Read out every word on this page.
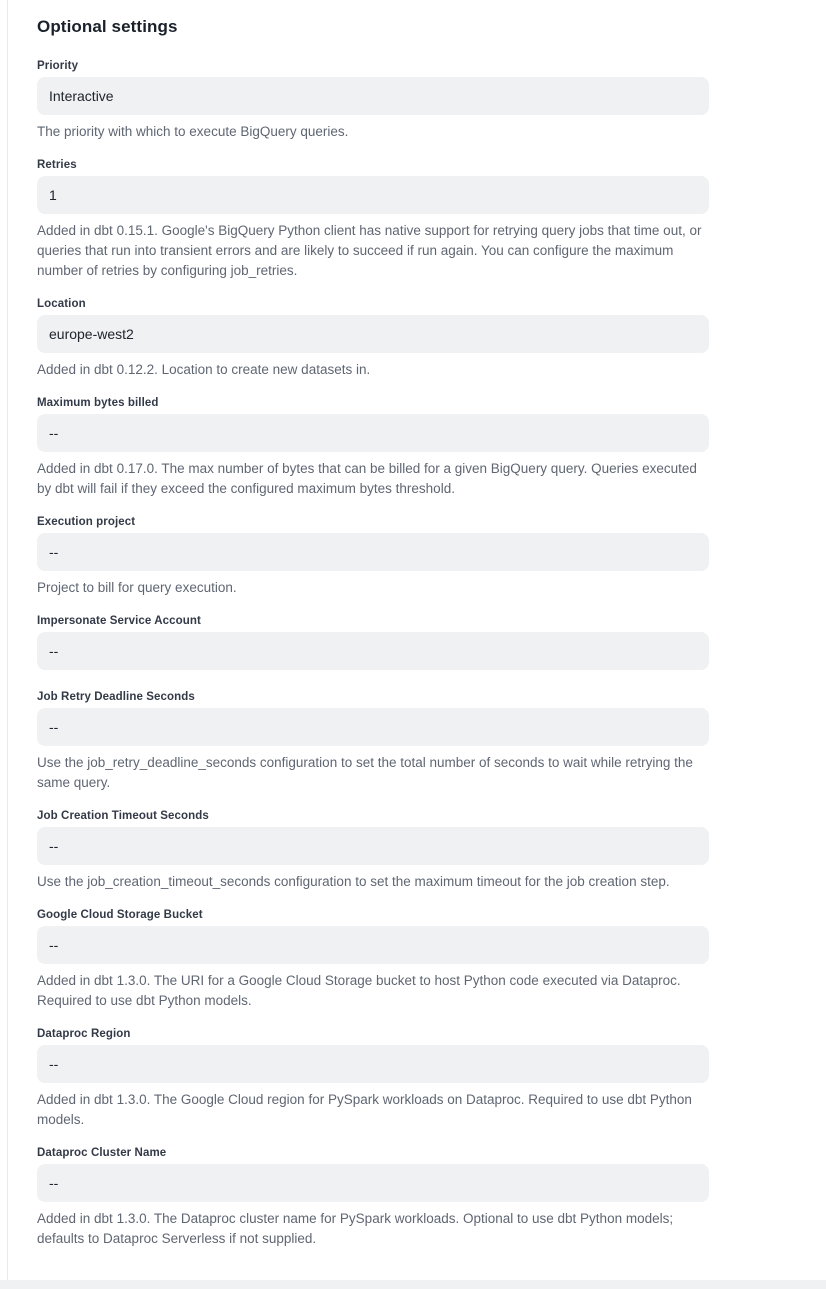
Optional settings
Priority
Interactive
The priority with which to execute BigQuery queries.
Retries
1
Added in dbt 0.15.1. Google's BigQuery Python client has native support for retrying query jobs that time out, or queries that run into transient errors and are likely to succeed if run again. You can configure the maximum number of retries by configuring job_retries.
Location
europe-west2
Added in dbt 0.12.2. Location to create new datasets in.
Maximum bytes billed
--
Added in dbt 0.17.0. The max number of bytes that can be billed for a given BigQuery query. Queries executed by dbt will fail if they exceed the configured maximum bytes threshold.
Execution project
--
Project to bill for query execution.
Impersonate Service Account
--
Job Retry Deadline Seconds
--
Use the job_retry_deadline_seconds configuration to set the total number of seconds to wait while retrying the same query.
Job Creation Timeout Seconds
--
Use the job_creation_timeout_seconds configuration to set the maximum timeout for the job creation step.
Google Cloud Storage Bucket
--
Added in dbt 1.3.0. The URI for a Google Cloud Storage bucket to host Python code executed via Dataproc. Required to use dbt Python models.
Dataproc Region
--
Added in dbt 1.3.0. The Google Cloud region for PySpark workloads on Dataproc. Required to use dbt Python models.
Dataproc Cluster Name
--
Added in dbt 1.3.0. The Dataproc cluster name for PySpark workloads. Optional to use dbt Python models; defaults to Dataproc Serverless if not supplied.
